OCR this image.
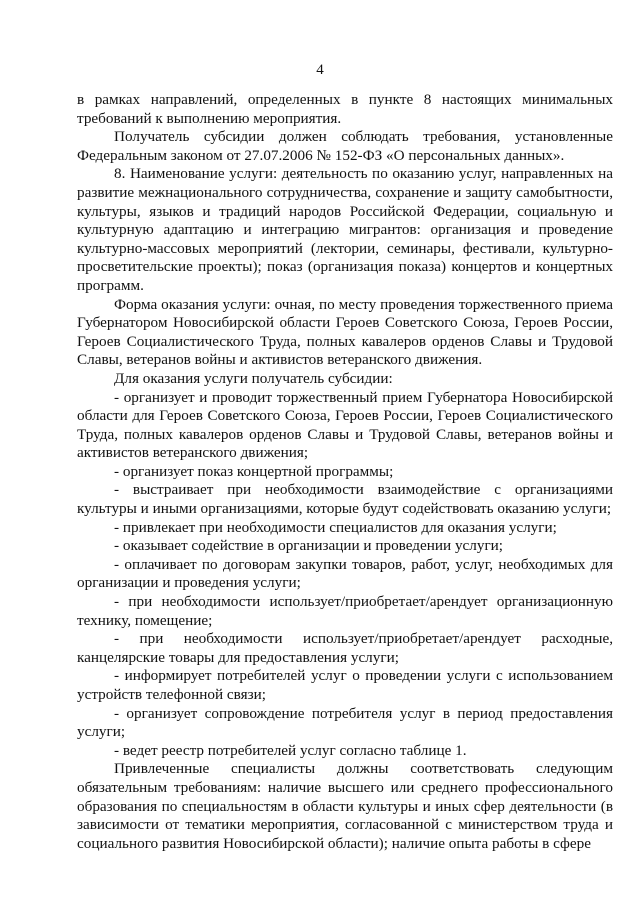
4

в рамках направлений, определенных в пункте 8 настоящих минимальных требований к выполнению мероприятия.

Получатель субсидии должен соблюдать требования, установленные Федеральным законом от 27.07.2006 № 152-ФЗ «О персональных данных».

8. Наименование услуги: деятельность по оказанию услуг, направленных на развитие межнационального сотрудничества, сохранение и защиту самобытности, культуры, языков и традиций народов Российской Федерации, социальную и культурную адаптацию и интеграцию мигрантов: организация и проведение культурно-массовых мероприятий (лектории, семинары, фестивали, культурно-просветительские проекты); показ (организация показа) концертов и концертных программ.

Форма оказания услуги: очная, по месту проведения торжественного приема Губернатором Новосибирской области Героев Советского Союза, Героев России, Героев Социалистического Труда, полных кавалеров орденов Славы и Трудовой Славы, ветеранов войны и активистов ветеранского движения.

Для оказания услуги получатель субсидии:

- организует и проводит торжественный прием Губернатора Новосибирской области для Героев Советского Союза, Героев России, Героев Социалистического Труда, полных кавалеров орденов Славы и Трудовой Славы, ветеранов войны и активистов ветеранского движения;

- организует показ концертной программы;

- выстраивает при необходимости взаимодействие с организациями культуры и иными организациями, которые будут содействовать оказанию услуги;

- привлекает при необходимости специалистов для оказания услуги;

- оказывает содействие в организации и проведении услуги;

- оплачивает по договорам закупки товаров, работ, услуг, необходимых для организации и проведения услуги;

- при необходимости использует/приобретает/арендует организационную технику, помещение;

- при необходимости использует/приобретает/арендует расходные, канцелярские товары для предоставления услуги;

- информирует потребителей услуг о проведении услуги с использованием устройств телефонной связи;

- организует сопровождение потребителя услуг в период предоставления услуги;

- ведет реестр потребителей услуг согласно таблице 1.

Привлеченные специалисты должны соответствовать следующим обязательным требованиям: наличие высшего или среднего профессионального образования по специальностям в области культуры и иных сфер деятельности (в зависимости от тематики мероприятия, согласованной с министерством труда и социального развития Новосибирской области); наличие опыта работы в сфере
